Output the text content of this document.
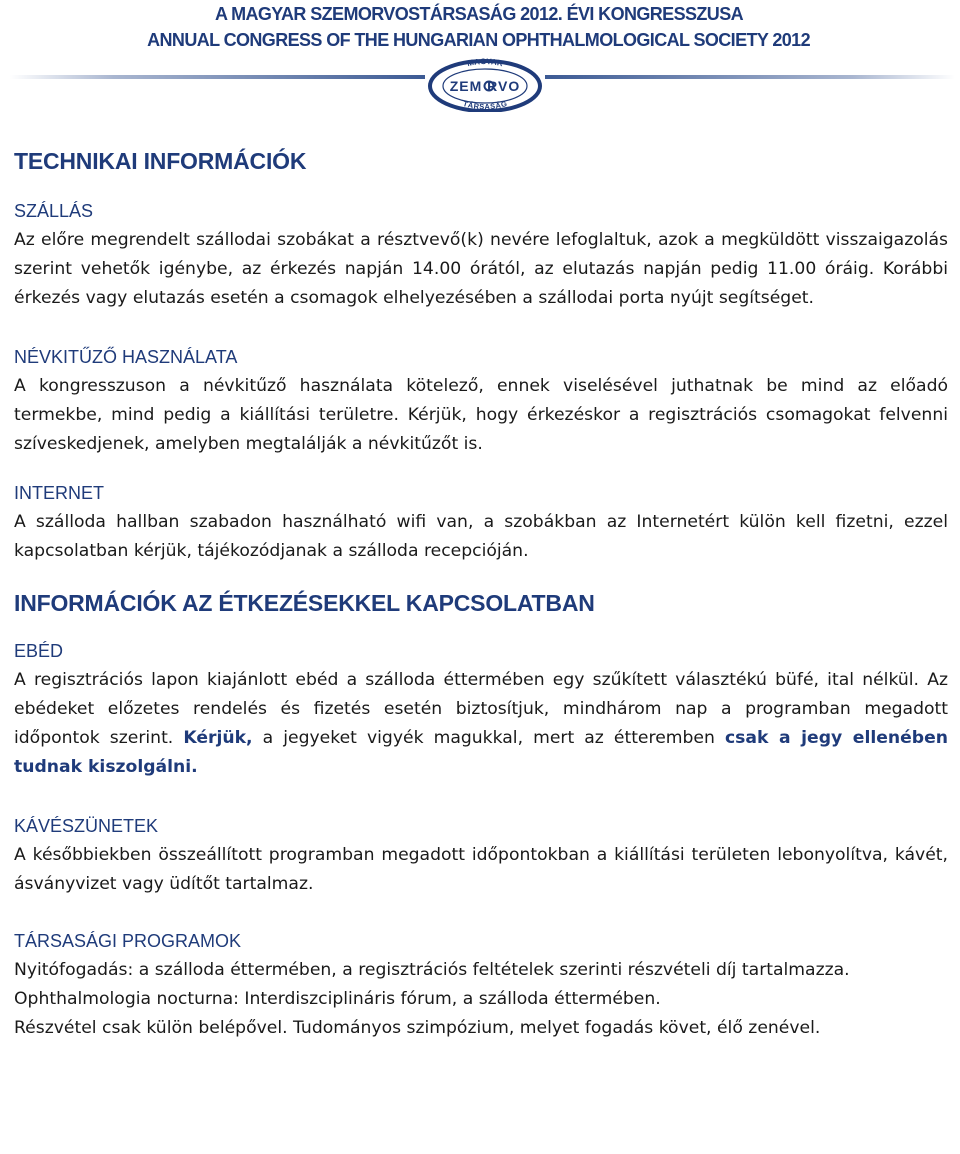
A MAGYAR SZEMORVOSTÁRSASÁG 2012. ÉVI KONGRESSZUSA
ANNUAL CONGRESS OF THE HUNGARIAN OPHTHALMOLOGICAL SOCIETY 2012
MAGYAR
ZEM RVO
TÁRSASÁG
TECHNIKAI INFORMÁCIÓK
SZÁLLÁS

Az előre megrendelt szállodai szobákat a résztvevő(k) nevére lefoglaltuk, azok a megküldött visszaigazolás szerint vehetők igénybe, az érkezés napján 14.00 órától, az elutazás napján pedig 11.00 óráig. Korábbi érkezés vagy elutazás esetén a csomagok elhelyezésében a szállodai porta nyújt segítséget.

NÉVKITŰZŐ HASZNÁLATA

A kongresszuson a névkitűző használata kötelező, ennek viselésével juthatnak be mind az előadó termekbe, mind pedig a kiállítási területre. Kérjük, hogy érkezéskor a regisztrációs csomagokat felvenni szíveskedjenek, amelyben megtalálják a névkitűzőt is.

INTERNET

A szálloda hallban szabadon használható wifi van, a szobákban az Internetért külön kell fizetni, ezzel kapcsolatban kérjük, tájékozódjanak a szálloda recepcióján.

INFORMÁCIÓK AZ ÉTKEZÉSEKKEL KAPCSOLATBAN
EBÉD

A regisztrációs lapon kiajánlott ebéd a szálloda éttermében egy szűkített választékú büfé, ital nélkül. Az ebédeket előzetes rendelés és fizetés esetén biztosítjuk, mindhárom nap a programban megadott időpontok szerint. Kérjük, a jegyeket vigyék magukkal, mert az étteremben csak a jegy ellenében tudnak kiszolgálni.

KÁVÉSZÜNETEK

A későbbiekben összeállított programban megadott időpontokban a kiállítási területen lebonyolítva, kávét, ásványvizet vagy üdítőt tartalmaz.

TÁRSASÁGI PROGRAMOK

Nyitófogadás: a szálloda éttermében, a regisztrációs feltételek szerinti részvételi díj tartalmazza.

Ophthalmologia nocturna: Interdiszciplináris fórum, a szálloda éttermében.

Részvétel csak külön belépővel. Tudományos szimpózium, melyet fogadás követ, élő zenével.
